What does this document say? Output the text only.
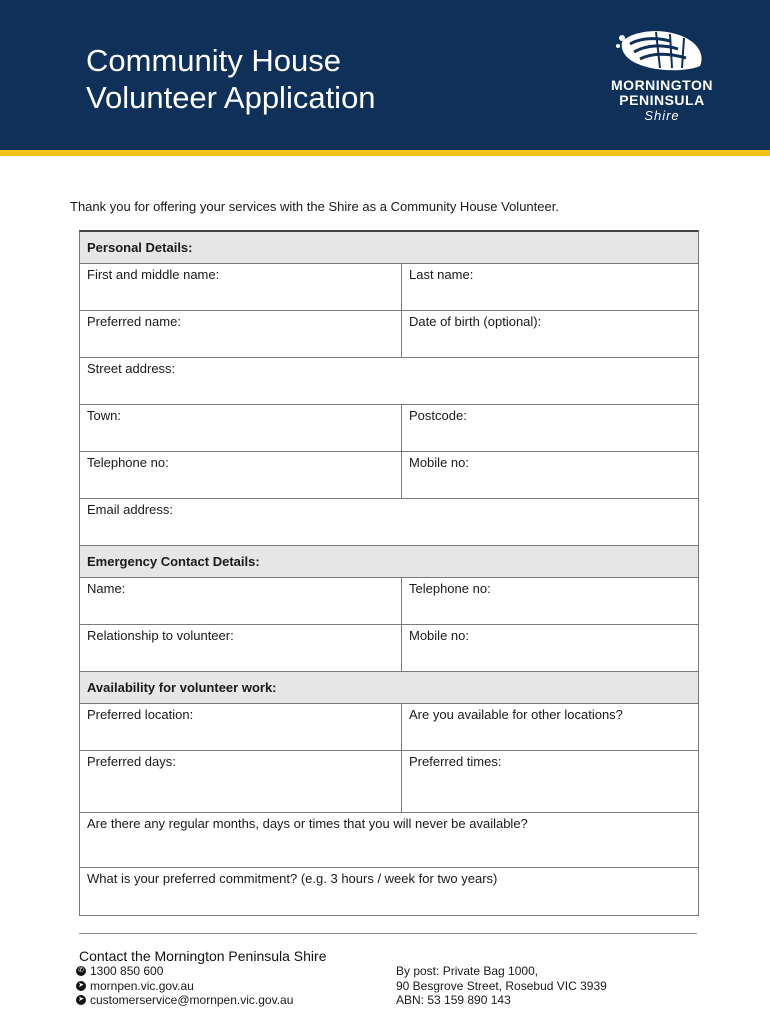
Community House
Volunteer Application	MORNINGTON
PENINSULA
Shire
Thank you for offering your services with the Shire as a Community House Volunteer.
Personal Details:
First and middle name:	Last name:
Preferred name:	Date of birth (optional):
Street address:
Town:	Postcode:
Telephone no:	Mobile no:
Email address:
Emergency Contact Details:
Name:	Telephone no:
Relationship to volunteer:	Mobile no:
Availability for volunteer work:
Preferred location:	Are you available for other locations?
Preferred days:	Preferred times:
Are there any regular months, days or times that you will never be available?
What is your preferred commitment? (e.g. 3 hours / week for two years)
Contact the Mornington Peninsula Shire
✆ 1300 850 600
➤ mornpen.vic.gov.au
➤ customerservice@mornpen.vic.gov.au
By post: Private Bag 1000,
90 Besgrove Street, Rosebud VIC 3939
ABN: 53 159 890 143
